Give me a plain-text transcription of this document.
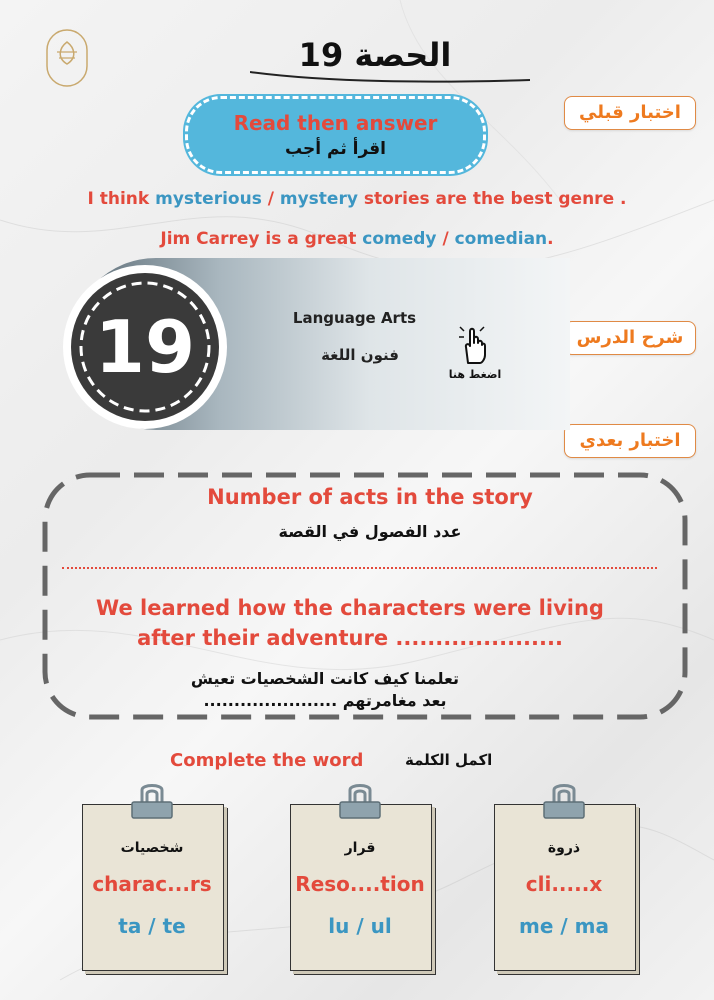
الحصة 19
اختبار قبلي
شرح الدرس
اختبار بعدي
Read then answer
اقرأ ثم أجب
I think mysterious / mystery stories are the best genre .
Jim Carrey is a great comedy / comedian.
19	Language Arts
فنون اللغة
اضغط هنا
Number of acts in the story
عدد الفصول في القصة
We learned how the characters were living
after their adventure .....................
تعلمنا كيف كانت الشخصيات تعيش
بعد مغامرتهم ......................
Complete the word	اكمل الكلمة
شخصيات
charac...rs
ta / te
قرار
Reso....tion
lu / ul
ذروة
cli.....x
me / ma
